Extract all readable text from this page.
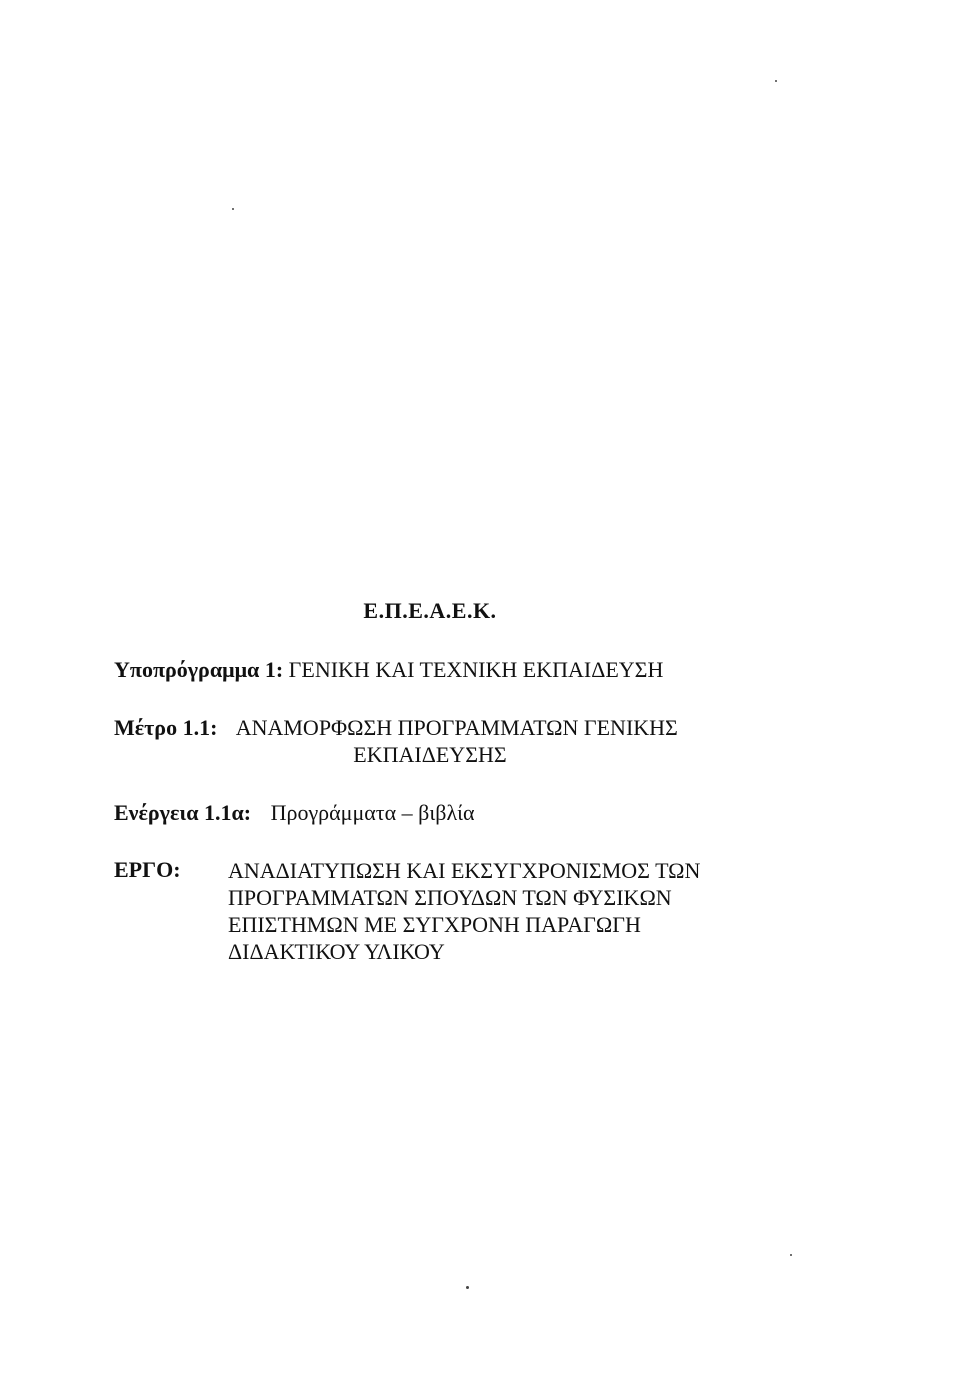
Ε.Π.Ε.Α.Ε.Κ.
Υποπρόγραμμα 1: ΓΕΝΙΚΗ ΚΑΙ ΤΕΧΝΙΚΗ ΕΚΠΑΙΔΕΥΣΗ
Μέτρο 1.1: ΑΝΑΜΟΡΦΩΣΗ ΠΡΟΓΡΑΜΜΑΤΩΝ ΓΕΝΙΚΗΣ
ΕΚΠΑΙΔΕΥΣΗΣ
Ενέργεια 1.1α: Προγράμματα – βιβλία
ΕΡΓΟ: ΑΝΑΔΙΑΤΥΠΩΣΗ ΚΑΙ ΕΚΣΥΓΧΡΟΝΙΣΜΟΣ ΤΩΝ
ΠΡΟΓΡΑΜΜΑΤΩΝ ΣΠΟΥΔΩΝ ΤΩΝ ΦΥΣΙΚΩΝ
ΕΠΙΣΤΗΜΩΝ ΜΕ ΣΥΓΧΡΟΝΗ ΠΑΡΑΓΩΓΗ
ΔΙΔΑΚΤΙΚΟΥ ΥΛΙΚΟΥ
